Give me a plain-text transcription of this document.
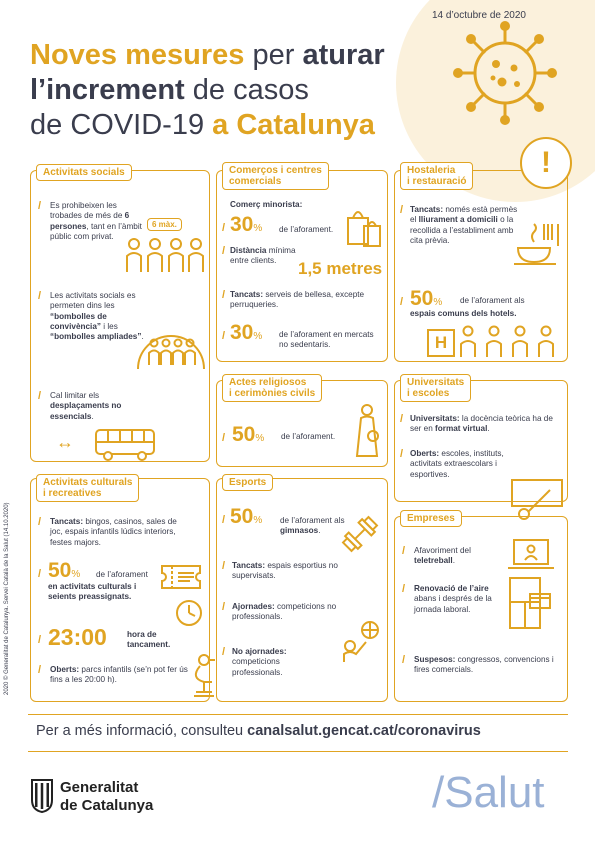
14 d’octubre de 2020
Noves mesures per aturar
l’increment de casos
de COVID-19 a Catalunya
Activitats socials
/ Es prohibeixen les trobades de més de 6 persones, tant en l’àmbit públic com privat.
6 màx.
/ Les activitats socials es permeten dins les “bombolles de convivència” i les “bombolles ampliades”.
/ Cal limitar els desplaçaments no essencials.
↔
Comerços i centres
comercials
Comerç minorista:
/ 30% de l’aforament.
/ Distància mínima entre clients.	1,5 metres
/ Tancats: serveis de bellesa, excepte perruqueries.
/ 30% de l’aforament en mercats no sedentaris.
Hostaleria
i restauració
!
/ Tancats: només està permès el lliurament a domicili o la recollida a l’establiment amb cita prèvia.
/ 50% de l’aforament als
espais comuns dels hotels.
H
Actes religiosos
i cerimònies civils
/ 50% de l’aforament.
Universitats
i escoles
/ Universitats: la docència teòrica ha de ser en format virtual.
/ Oberts: escoles, instituts, activitats extraescolars i esportives.
Activitats culturals
i recreatives
/ Tancats: bingos, casinos, sales de joc, espais infantils lúdics interiors, festes majors.
/ 50% de l’aforament
en activitats culturals i seients preassignats.
/ 23:00 hora de tancament.
/ Oberts: parcs infantils (se’n pot fer ús fins a les 20:00 h).
Esports
/ 50% de l’aforament als gimnasos.
/ Tancats: espais esportius no supervisats.
/ Ajornades: competicions no professionals.
/ No ajornades: competicions professionals.
Empreses
/ Afavoriment del teletreball.
/ Renovació de l’aire abans i després de la jornada laboral.
/ Suspesos: congressos, convencions i fires comercials.
2020 © Generalitat de Catalunya. Servei Català de la Salut (14.10.2020)
Per a més informació, consulteu canalsalut.gencat.cat/coronavirus
Generalitat
de Catalunya	/Salut
